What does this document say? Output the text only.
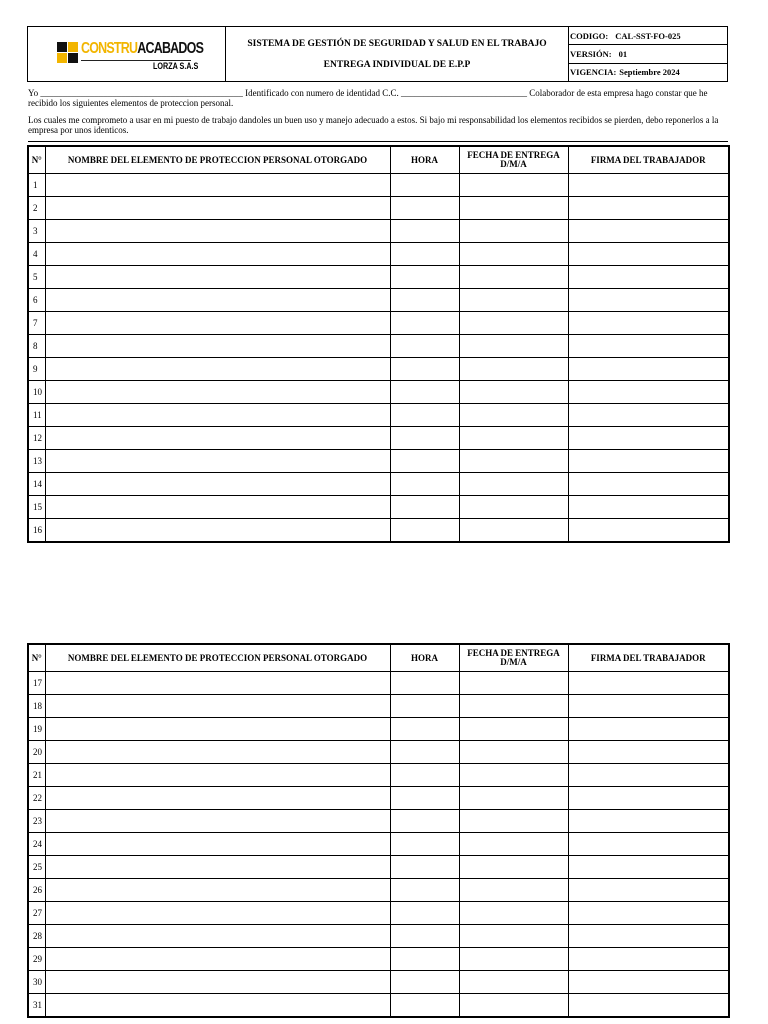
CONSTRUACABADOS
LORZA S.A.S
SISTEMA DE GESTIÓN DE SEGURIDAD Y SALUD EN EL TRABAJO
ENTREGA INDIVIDUAL DE E.P.P
CODIGO: CAL-SST-FO-025
VERSIÓN: 01
VIGENCIA: Septiembre 2024
Yo _____________________________________________ Identificado con numero de identidad C.C. ____________________________ Colaborador de esta empresa hago constar que he recibido los siguientes elementos de proteccion personal.
Los cuales me comprometo a usar en mi puesto de trabajo dandoles un buen uso y manejo adecuado a estos. Si bajo mi responsabilidad los elementos recibidos se pierden, debo reponerlos a la empresa por unos identicos.
N°	NOMBRE DEL ELEMENTO DE PROTECCION PERSONAL OTORGADO	HORA	FECHA DE ENTREGA D/M/A	FIRMA DEL TRABAJADOR
1				
2				
3				
4				
5				
6				
7				
8				
9				
10				
11				
12				
13				
14				
15				
16				
N°	NOMBRE DEL ELEMENTO DE PROTECCION PERSONAL OTORGADO	HORA	FECHA DE ENTREGA D/M/A	FIRMA DEL TRABAJADOR
17				
18				
19				
20				
21				
22				
23				
24				
25				
26				
27				
28				
29				
30				
31				
